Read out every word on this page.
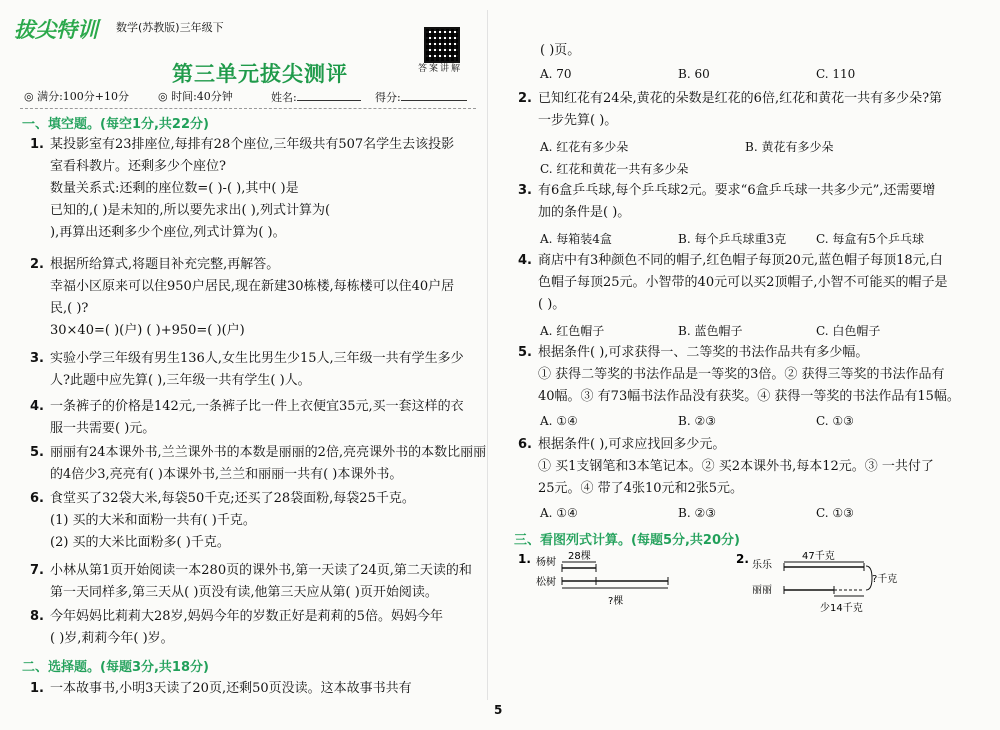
拔尖特训 数学(苏教版)三年级下
答案讲解
第三单元拔尖测评
◎ 满分:100分+10分	◎ 时间:40分钟	姓名:	得分:
一、填空题。(每空1分,共22分)
1. 某投影室有23排座位,每排有28个座位,三年级共有507名学生去该投影
室看科教片。还剩多少个座位?
数量关系式:还剩的座位数=( )-( ),其中( )是
已知的,( )是未知的,所以要先求出( ),列式计算为(
),再算出还剩多少个座位,列式计算为( )。
2. 根据所给算式,将题目补充完整,再解答。
幸福小区原来可以住950户居民,现在新建30栋楼,每栋楼可以住40户居
民,( )?
30×40=( )(户) ( )+950=( )(户)
3. 实验小学三年级有男生136人,女生比男生少15人,三年级一共有学生多少
人?此题中应先算( ),三年级一共有学生( )人。
4. 一条裤子的价格是142元,一条裤子比一件上衣便宜35元,买一套这样的衣
服一共需要( )元。
5. 丽丽有24本课外书,兰兰课外书的本数是丽丽的2倍,亮亮课外书的本数比丽丽
的4倍少3,亮亮有( )本课外书,兰兰和丽丽一共有( )本课外书。
6. 食堂买了32袋大米,每袋50千克;还买了28袋面粉,每袋25千克。
(1) 买的大米和面粉一共有( )千克。
(2) 买的大米比面粉多( )千克。
7. 小林从第1页开始阅读一本280页的课外书,第一天读了24页,第二天读的和
第一天同样多,第三天从( )页没有读,他第三天应从第( )页开始阅读。
8. 今年妈妈比莉莉大28岁,妈妈今年的岁数正好是莉莉的5倍。妈妈今年
( )岁,莉莉今年( )岁。
二、选择题。(每题3分,共18分)
1. 一本故事书,小明3天读了20页,还剩50页没读。这本故事书共有
( )页。
A. 70	B. 60	C. 110
2. 已知红花有24朵,黄花的朵数是红花的6倍,红花和黄花一共有多少朵?第
一步先算( )。
A. 红花有多少朵	B. 黄花有多少朵
C. 红花和黄花一共有多少朵
3. 有6盒乒乓球,每个乒乓球2元。要求“6盒乒乓球一共多少元”,还需要增
加的条件是( )。
A. 每箱装4盒	B. 每个乒乓球重3克 C. 每盒有5个乒乓球
4. 商店中有3种颜色不同的帽子,红色帽子每顶20元,蓝色帽子每顶18元,白
色帽子每顶25元。小智带的40元可以买2顶帽子,小智不可能买的帽子是
( )。
A. 红色帽子	B. 蓝色帽子	C. 白色帽子
5. 根据条件( ),可求获得一、二等奖的书法作品共有多少幅。
① 获得二等奖的书法作品是一等奖的3倍。② 获得三等奖的书法作品有
40幅。③ 有73幅书法作品没有获奖。④ 获得一等奖的书法作品有15幅。
A. ①④	B. ②③	C. ①③
6. 根据条件( ),可求应找回多少元。
① 买1支钢笔和3本笔记本。② 买2本课外书,每本12元。③ 一共付了
25元。④ 带了4张10元和2张5元。
A. ①④	B. ②③	C. ①③
三、看图列式计算。(每题5分,共20分)
1. 杨树
松树
28棵
?棵
2. 乐乐
丽丽
47千克
?千克
少14千克
5
